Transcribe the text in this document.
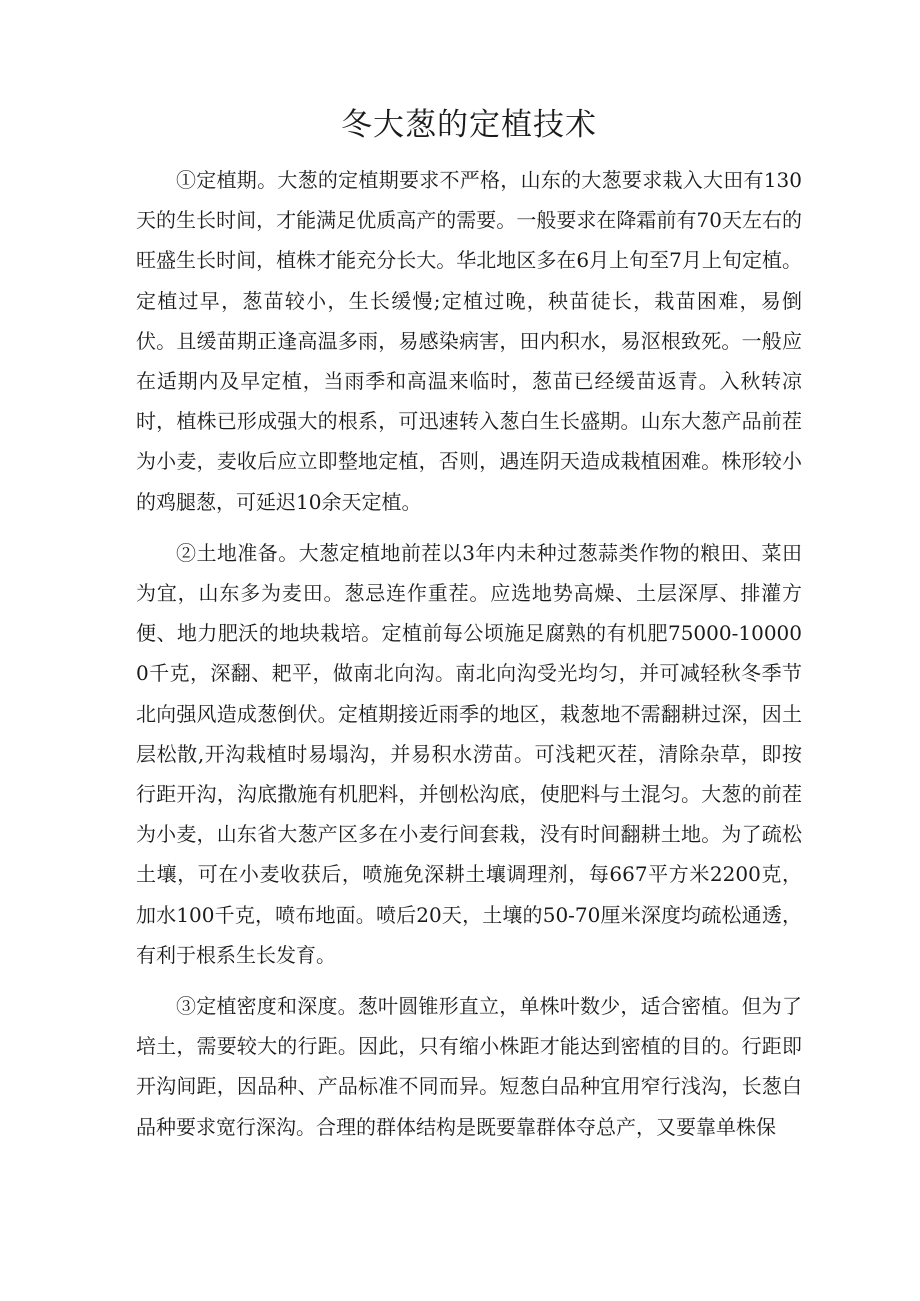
冬大葱的定植技术

①定植期。大葱的定植期要求不严格，山东的大葱要求栽入大田有130天的生长时间，才能满足优质高产的需要。一般要求在降霜前有70天左右的旺盛生长时间，植株才能充分长大。华北地区多在6月上旬至7月上旬定植。定植过早，葱苗较小，生长缓慢;定植过晚，秧苗徒长，栽苗困难，易倒伏。且缓苗期正逢高温多雨，易感染病害，田内积水，易沤根致死。一般应在适期内及早定植，当雨季和高温来临时，葱苗已经缓苗返青。入秋转凉时，植株已形成强大的根系，可迅速转入葱白生长盛期。山东大葱产品前茬为小麦，麦收后应立即整地定植，否则，遇连阴天造成栽植困难。株形较小的鸡腿葱，可延迟10余天定植。

②土地准备。大葱定植地前茬以3年内未种过葱蒜类作物的粮田、菜田为宜，山东多为麦田。葱忌连作重茬。应选地势高燥、土层深厚、排灌方便、地力肥沃的地块栽培。定植前每公顷施足腐熟的有机肥75000-100000千克，深翻、耙平，做南北向沟。南北向沟受光均匀，并可减轻秋冬季节北向强风造成葱倒伏。定植期接近雨季的地区，栽葱地不需翻耕过深，因土层松散,开沟栽植时易塌沟，并易积水涝苗。可浅耙灭茬，清除杂草，即按行距开沟，沟底撒施有机肥料，并刨松沟底，使肥料与土混匀。大葱的前茬为小麦，山东省大葱产区多在小麦行间套栽，没有时间翻耕土地。为了疏松土壤，可在小麦收获后，喷施免深耕土壤调理剂，每667平方米2200克，加水100千克，喷布地面。喷后20天，土壤的50-70厘米深度均疏松通透，有利于根系生长发育。

③定植密度和深度。葱叶圆锥形直立，单株叶数少，适合密植。但为了培土，需要较大的行距。因此，只有缩小株距才能达到密植的目的。行距即开沟间距，因品种、产品标准不同而异。短葱白品种宜用窄行浅沟，长葱白品种要求宽行深沟。合理的群体结构是既要靠群体夺总产，又要靠单株保
